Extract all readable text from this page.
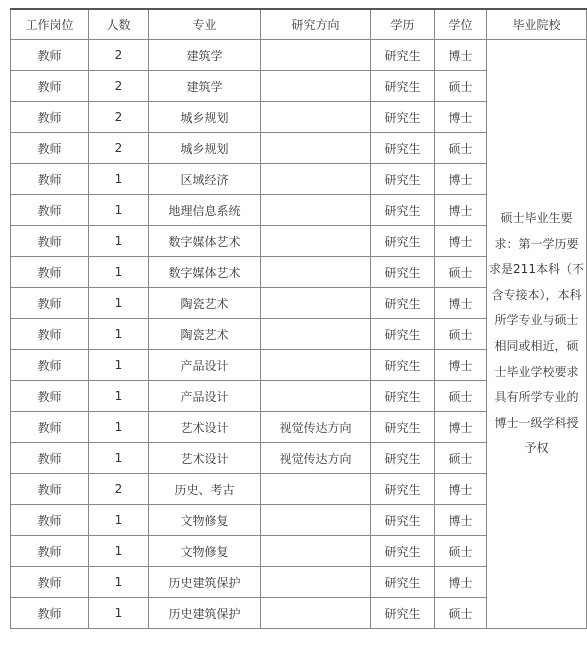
工作岗位	人数	专业	研究方向	学历	学位	毕业院校
教师	2	建筑学		研究生	博士	硕士毕业生要求：第一学历要求是211本科（不含专接本），本科所学专业与硕士相同或相近，硕士毕业学校要求具有所学专业的博士一级学科授予权
教师	2	建筑学		研究生	硕士	
教师	2	城乡规划		研究生	博士	
教师	2	城乡规划		研究生	硕士	
教师	1	区域经济		研究生	博士	
教师	1	地理信息系统		研究生	博士	
教师	1	数字媒体艺术		研究生	博士	
教师	1	数字媒体艺术		研究生	硕士	
教师	1	陶瓷艺术		研究生	博士	
教师	1	陶瓷艺术		研究生	硕士	
教师	1	产品设计		研究生	博士	
教师	1	产品设计		研究生	硕士	
教师	1	艺术设计	视觉传达方向	研究生	博士	
教师	1	艺术设计	视觉传达方向	研究生	硕士	
教师	2	历史、考古		研究生	博士	
教师	1	文物修复		研究生	博士	
教师	1	文物修复		研究生	硕士	
教师	1	历史建筑保护		研究生	博士	
教师	1	历史建筑保护		研究生	硕士	
